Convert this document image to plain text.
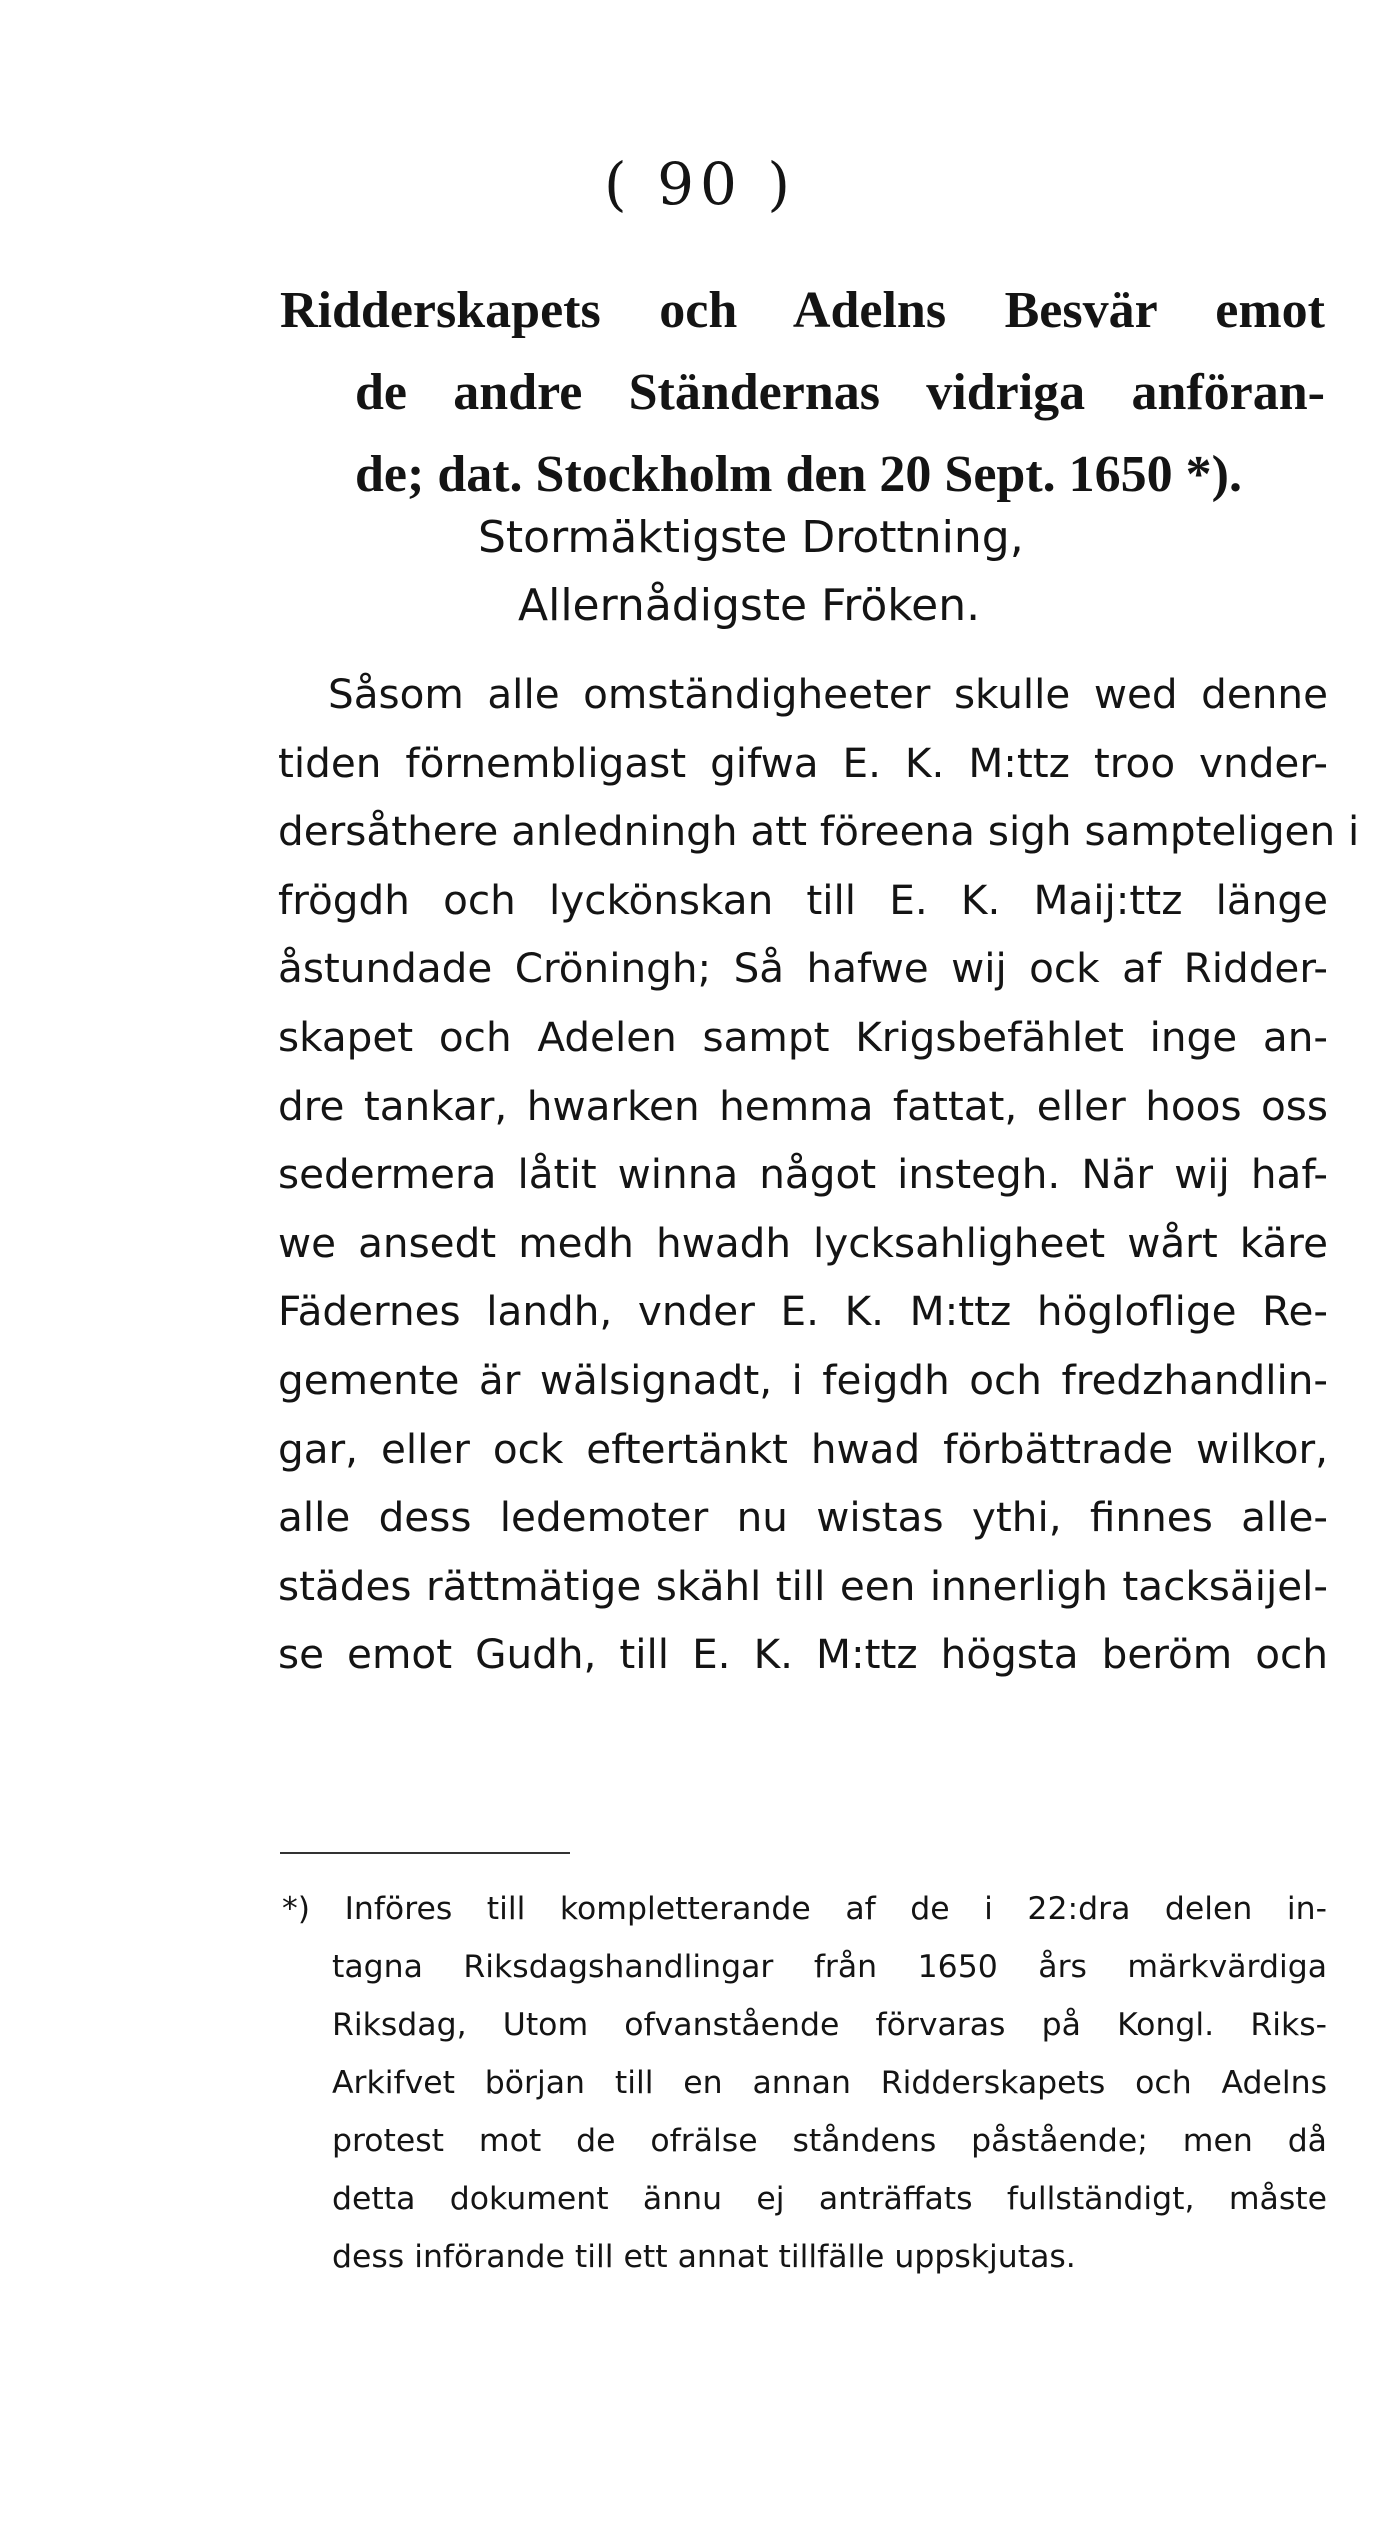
( 90 )
Ridderskapets och Adelns Besvär emot
de andre Ständernas vidriga anföran-
de; dat. Stockholm den 20 Sept. 1650 *).
Stormäktigste Drottning,
Allernådigste Fröken.
Såsom alle omständigheeter skulle wed denne
tiden förnembligast gifwa E. K. M:ttz troo vnder-
dersåthere anledningh att föreena sigh sampteligen i
frögdh och lyckönskan till E. K. Maij:ttz länge
åstundade Cröningh; Så hafwe wij ock af Ridder-
skapet och Adelen sampt Krigsbefählet inge an-
dre tankar, hwarken hemma fattat, eller hoos oss
sedermera låtit winna något instegh. När wij haf-
we ansedt medh hwadh lycksahligheet wårt käre
Fädernes landh, vnder E. K. M:ttz högloflige Re-
gemente är wälsignadt, i feigdh och fredzhandlin-
gar, eller ock eftertänkt hwad förbättrade wilkor,
alle dess ledemoter nu wistas ythi, finnes alle-
städes rättmätige skähl till een innerligh tacksäijel-
se emot Gudh, till E. K. M:ttz högsta beröm och
*) Införes till kompletterande af de i 22:dra delen in-
tagna Riksdagshandlingar från 1650 års märkvärdiga
Riksdag, Utom ofvanstående förvaras på Kongl. Riks-
Arkifvet början till en annan Ridderskapets och Adelns
protest mot de ofrälse ståndens påstående; men då
detta dokument ännu ej anträffats fullständigt, måste
dess införande till ett annat tillfälle uppskjutas.
